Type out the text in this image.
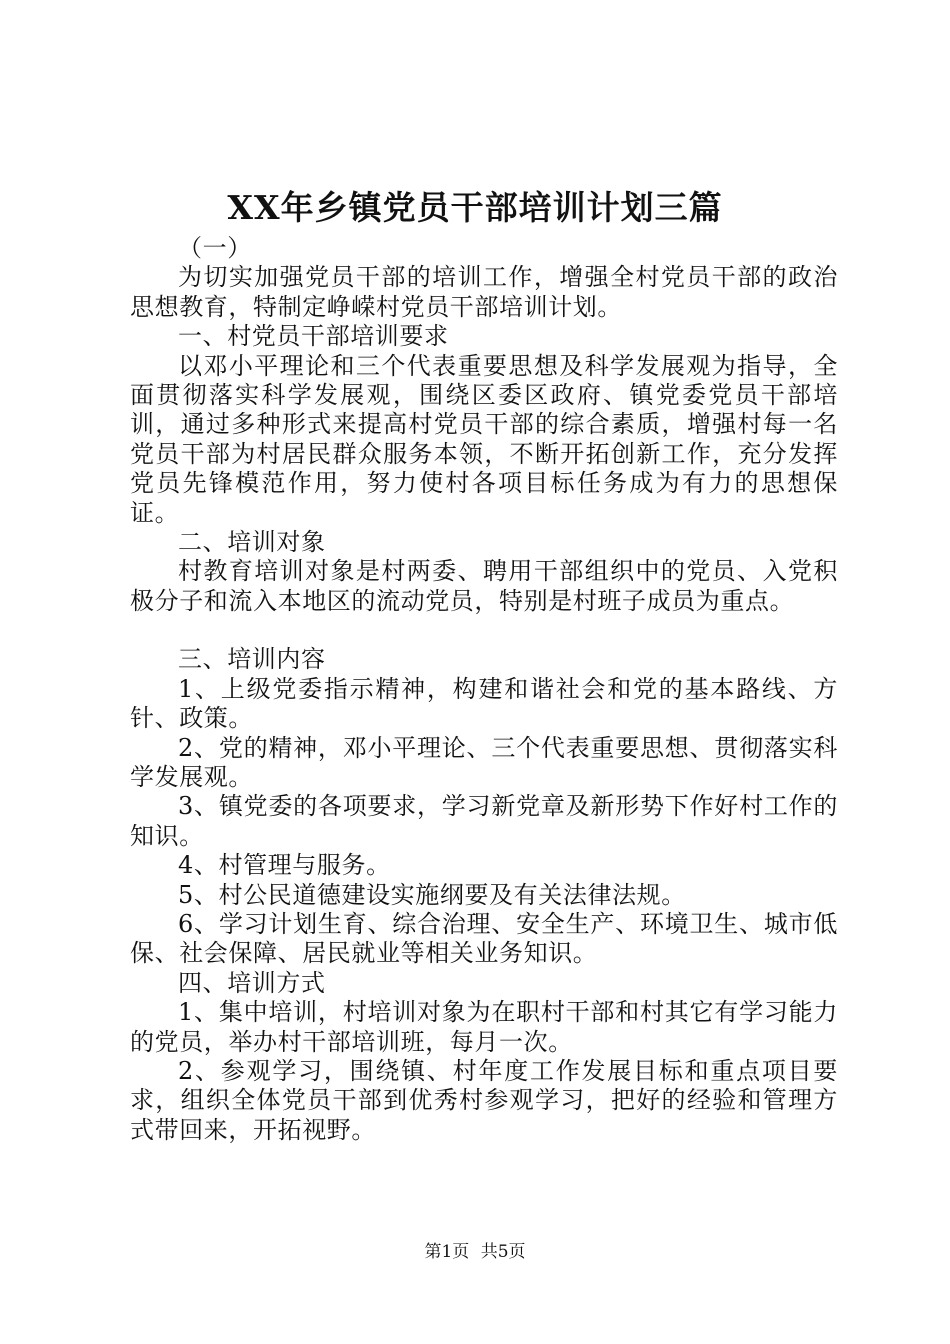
XX年乡镇党员干部培训计划三篇

（一）

为切实加强党员干部的培训工作，增强全村党员干部的政治思想教育，特制定峥嵘村党员干部培训计划。

一、村党员干部培训要求

以邓小平理论和三个代表重要思想及科学发展观为指导，全面贯彻落实科学发展观，围绕区委区政府、镇党委党员干部培训，通过多种形式来提高村党员干部的综合素质，增强村每一名党员干部为村居民群众服务本领，不断开拓创新工作，充分发挥党员先锋模范作用，努力使村各项目标任务成为有力的思想保证。

二、培训对象

村教育培训对象是村两委、聘用干部组织中的党员、入党积极分子和流入本地区的流动党员，特别是村班子成员为重点。

三、培训内容

1、上级党委指示精神，构建和谐社会和党的基本路线、方针、政策。

2、党的精神，邓小平理论、三个代表重要思想、贯彻落实科学发展观。

3、镇党委的各项要求，学习新党章及新形势下作好村工作的知识。

4、村管理与服务。

5、村公民道德建设实施纲要及有关法律法规。

6、学习计划生育、综合治理、安全生产、环境卫生、城市低保、社会保障、居民就业等相关业务知识。

四、培训方式

1、集中培训，村培训对象为在职村干部和村其它有学习能力的党员，举办村干部培训班，每月一次。

2、参观学习，围绕镇、村年度工作发展目标和重点项目要求，组织全体党员干部到优秀村参观学习，把好的经验和管理方式带回来，开拓视野。

第1页 共5页
